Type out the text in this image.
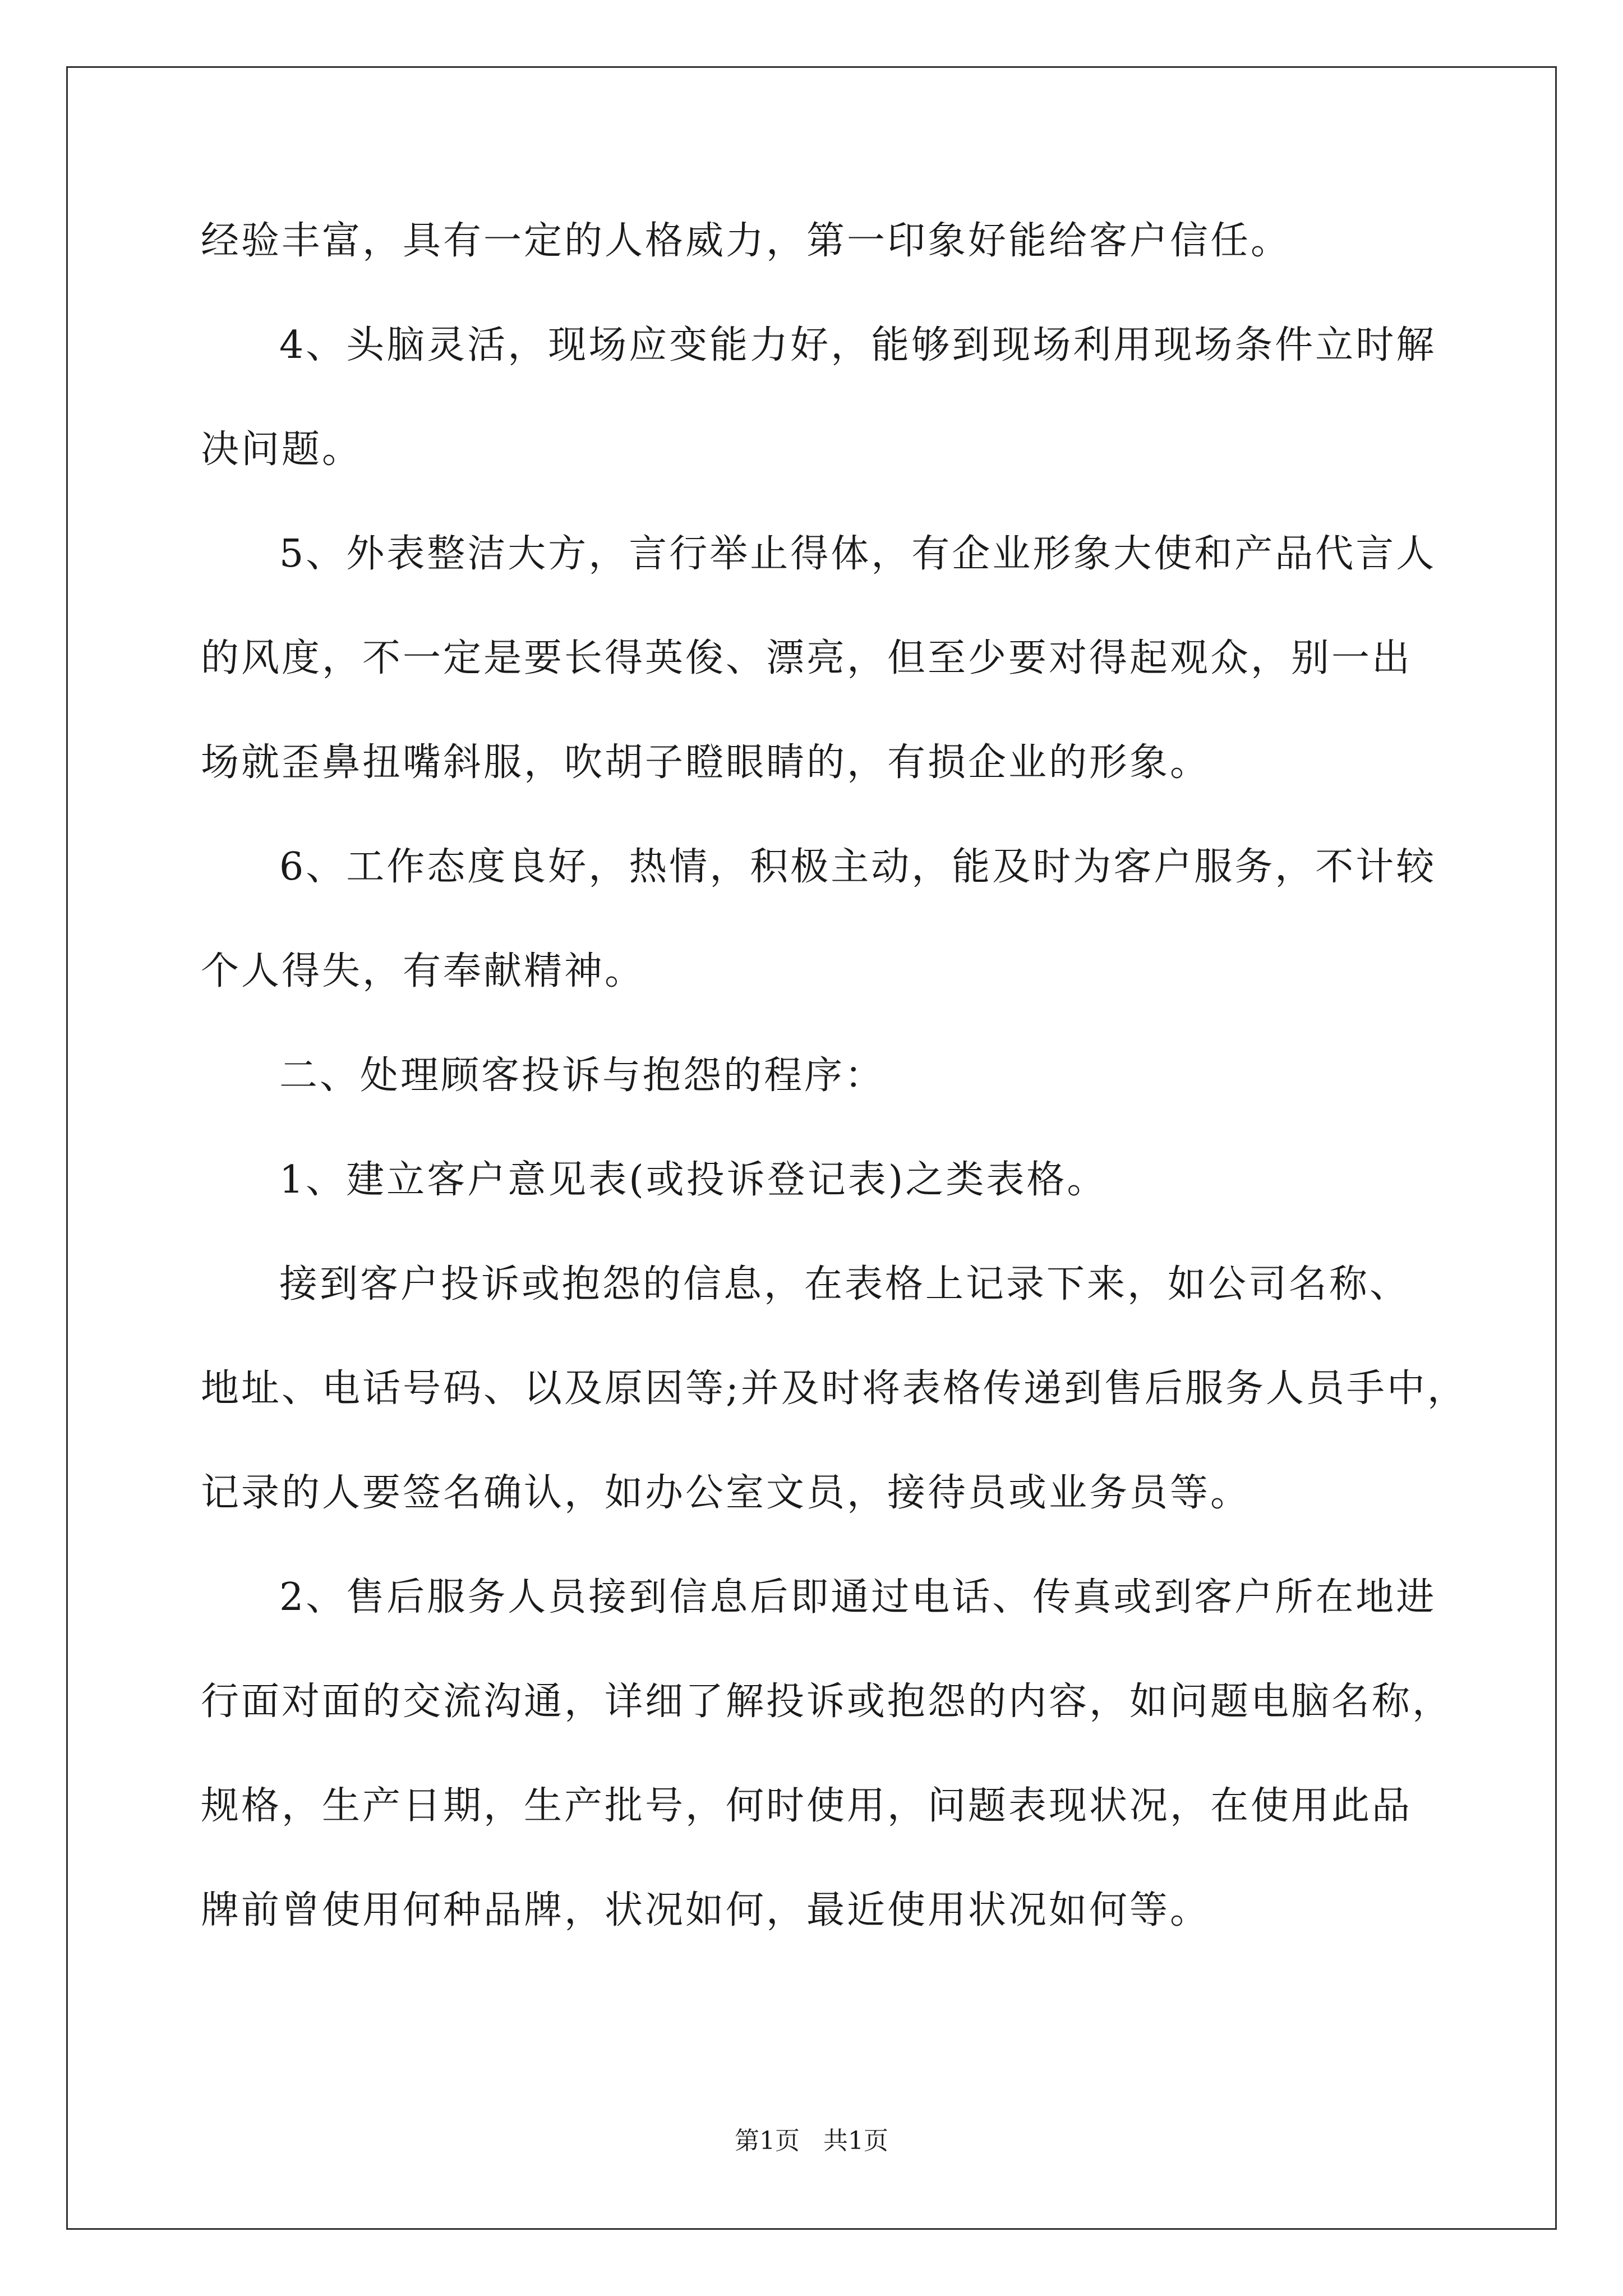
经验丰富，具有一定的人格威力，第一印象好能给客户信任。
4、头脑灵活，现场应变能力好，能够到现场利用现场条件立时解
决问题。
5、外表整洁大方，言行举止得体，有企业形象大使和产品代言人
的风度，不一定是要长得英俊、漂亮，但至少要对得起观众，别一出
场就歪鼻扭嘴斜服，吹胡子瞪眼睛的，有损企业的形象。
6、工作态度良好，热情，积极主动，能及时为客户服务，不计较
个人得失，有奉献精神。
二、处理顾客投诉与抱怨的程序：
1、建立客户意见表(或投诉登记表)之类表格。
接到客户投诉或抱怨的信息，在表格上记录下来，如公司名称、
地址、电话号码、以及原因等;并及时将表格传递到售后服务人员手中，
记录的人要签名确认，如办公室文员，接待员或业务员等。
2、售后服务人员接到信息后即通过电话、传真或到客户所在地进
行面对面的交流沟通，详细了解投诉或抱怨的内容，如问题电脑名称，
规格，生产日期，生产批号，何时使用，问题表现状况，在使用此品
牌前曾使用何种品牌，状况如何，最近使用状况如何等。
第1页   共1页
